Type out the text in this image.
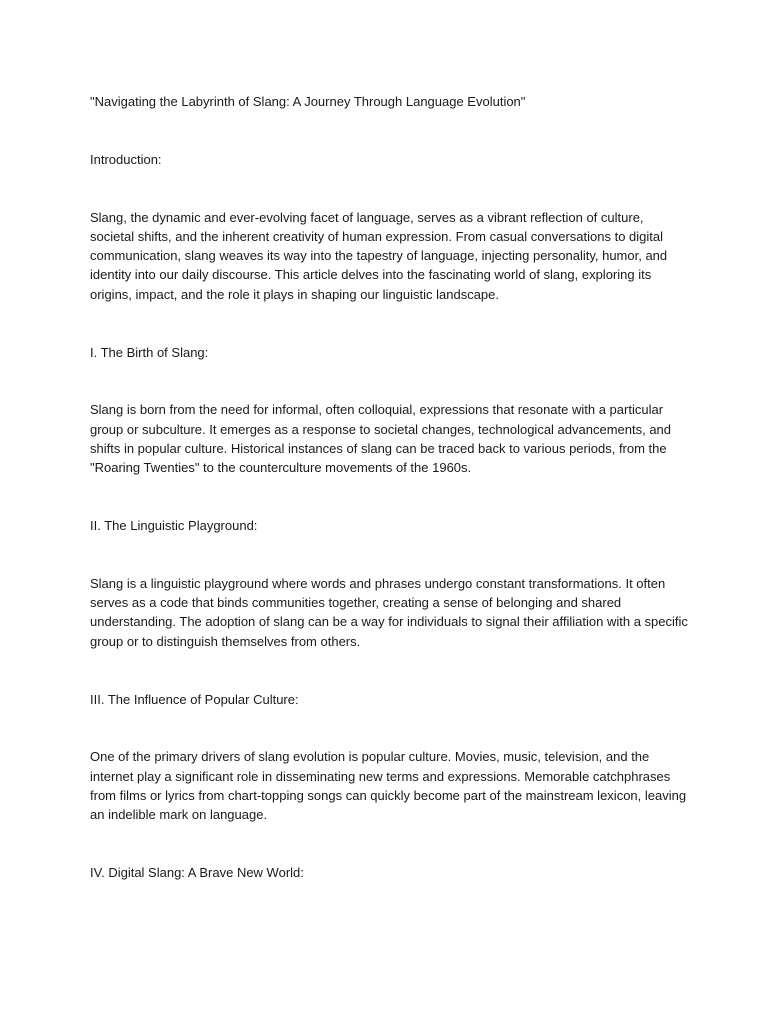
"Navigating the Labyrinth of Slang: A Journey Through Language Evolution"

Introduction:

Slang, the dynamic and ever-evolving facet of language, serves as a vibrant reflection of culture, societal shifts, and the inherent creativity of human expression. From casual conversations to digital communication, slang weaves its way into the tapestry of language, injecting personality, humor, and identity into our daily discourse. This article delves into the fascinating world of slang, exploring its origins, impact, and the role it plays in shaping our linguistic landscape.

I. The Birth of Slang:

Slang is born from the need for informal, often colloquial, expressions that resonate with a particular group or subculture. It emerges as a response to societal changes, technological advancements, and shifts in popular culture. Historical instances of slang can be traced back to various periods, from the "Roaring Twenties" to the counterculture movements of the 1960s.

II. The Linguistic Playground:

Slang is a linguistic playground where words and phrases undergo constant transformations. It often serves as a code that binds communities together, creating a sense of belonging and shared understanding. The adoption of slang can be a way for individuals to signal their affiliation with a specific group or to distinguish themselves from others.

III. The Influence of Popular Culture:

One of the primary drivers of slang evolution is popular culture. Movies, music, television, and the internet play a significant role in disseminating new terms and expressions. Memorable catchphrases from films or lyrics from chart-topping songs can quickly become part of the mainstream lexicon, leaving an indelible mark on language.

IV. Digital Slang: A Brave New World:
